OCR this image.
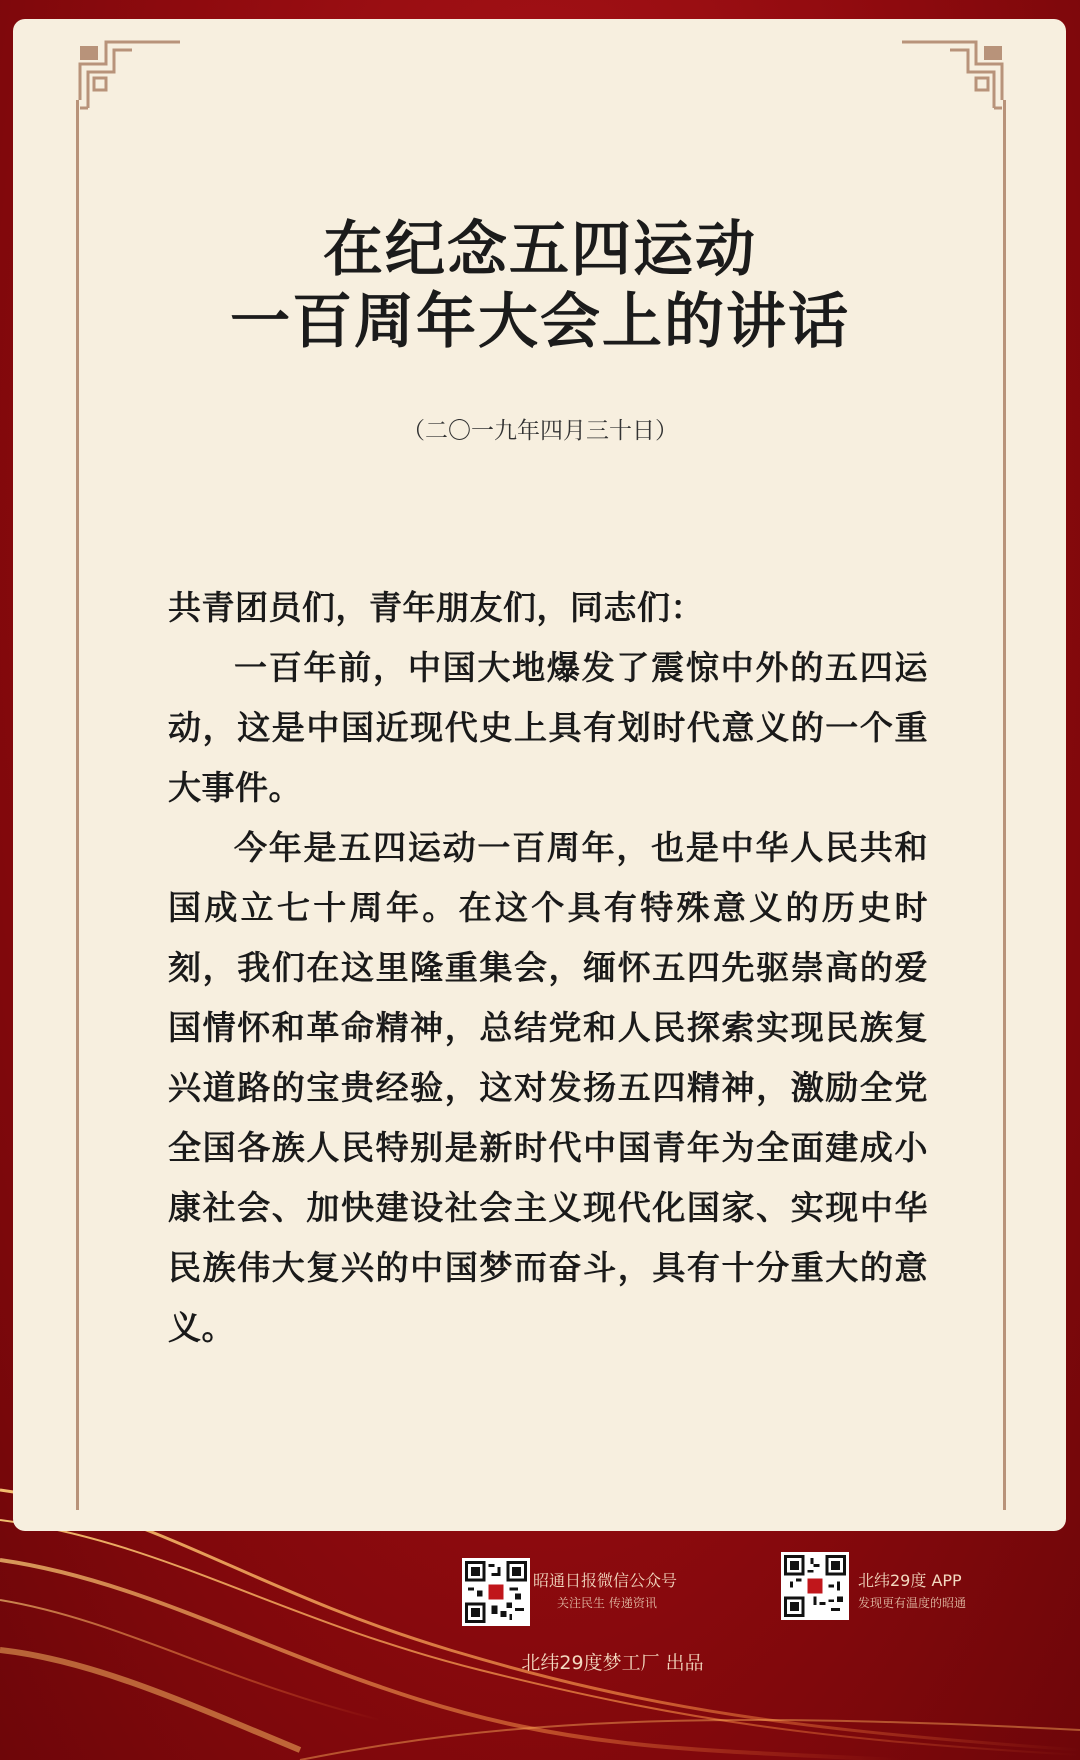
在纪念五四运动
一百周年大会上的讲话
（二〇一九年四月三十日）

共青团员们，青年朋友们，同志们：

一百年前，中国大地爆发了震惊中外的五四运动，这是中国近现代史上具有划时代意义的一个重大事件。

今年是五四运动一百周年，也是中华人民共和国成立七十周年。在这个具有特殊意义的历史时刻，我们在这里隆重集会，缅怀五四先驱崇高的爱国情怀和革命精神，总结党和人民探索实现民族复兴道路的宝贵经验，这对发扬五四精神，激励全党全国各族人民特别是新时代中国青年为全面建成小康社会、加快建设社会主义现代化国家、实现中华民族伟大复兴的中国梦而奋斗，具有十分重大的意义。

昭通日报微信公众号
关注民生 传递资讯
北纬29度 APP
发现更有温度的昭通
北纬29度梦工厂 出品
